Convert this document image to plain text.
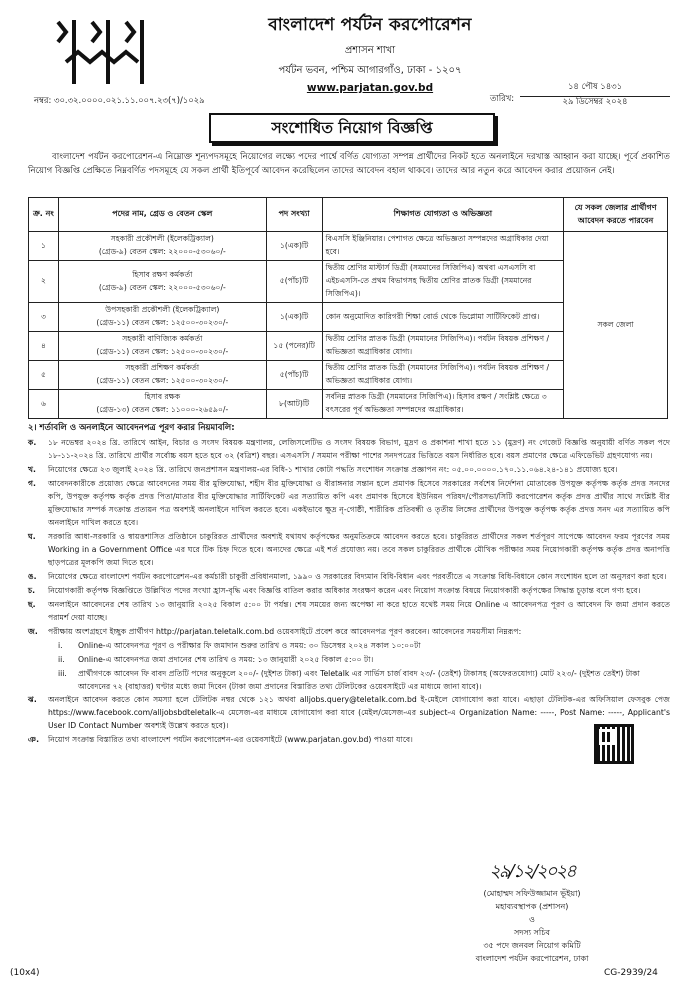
বাংলাদেশ পর্যটন করপোরেশন
প্রশাসন শাখা
পর্যটন ভবন, পশ্চিম আগারগাঁও, ঢাকা - ১২০৭
www.parjatan.gov.bd
নম্বর: ৩০.৩২.০০০০.০২১.১১.০০৭.২৩(৭)/১০২৯	তারিখ:
১৪ পৌষ ১৪৩১
২৯ ডিসেম্বর ২০২৪
সংশোধিত নিয়োগ বিজ্ঞপ্তি

বাংলাদেশ পর্যটন করপোরেশন-এ নিম্নোক্ত শূন্যপদসমূহে নিয়োগের লক্ষ্যে পদের পার্শ্বে বর্ণিত যোগ্যতা সম্পন্ন প্রার্থীদের নিকট হতে অনলাইনে দরখাস্ত আহ্বান করা যাচ্ছে। পূর্বে প্রকাশিত নিয়োগ বিজ্ঞপ্তি প্রেক্ষিতে নিম্নবর্ণিত পদসমূহে যে সকল প্রার্থী ইতিপূর্বে আবেদন করেছিলেন তাদের আবেদন বহাল থাকবে। তাদের আর নতুন করে আবেদন করার প্রয়োজন নেই।

ক্র. নং	পদের নাম, গ্রেড ও বেতন স্কেল	পদ সংখ্যা	শিক্ষাগত যোগ্যতা ও অভিজ্ঞতা	যে সকল জেলার প্রার্থীগণ আবেদন করতে পারবেন
১	সহকারী প্রকৌশলী (ইলেকট্রিক্যাল)
(গ্রেড-৯) বেতন স্কেল: ২২০০০-৫৩০৬০/-	১(এক)টি	বিএসসি ইঞ্জিনিয়ার। পেশাগত ক্ষেত্রে অভিজ্ঞতা সম্পন্নদের অগ্রাধিকার দেয়া হবে।	সকল জেলা
২	হিসাব রক্ষণ কর্মকর্তা
(গ্রেড-৯) বেতন স্কেল: ২২০০০-৫৩০৬০/-	৫(পাঁচ)টি	দ্বিতীয় শ্রেণির মাস্টার্স ডিগ্রী (সমমানের সিজিপিএ) অথবা এসএসসি বা এইচএসসি-তে প্রথম বিভাগসহ দ্বিতীয় শ্রেণির স্নাতক ডিগ্রী (সমমানের সিজিপিএ)।	
৩	উপসহকারী প্রকৌশলী (ইলেকট্রিক্যাল)
(গ্রেড-১১) বেতন স্কেল: ১২৫০০-৩০২৩০/-	১(এক)টি	কোন অনুমোদিত কারিগরী শিক্ষা বোর্ড থেকে ডিপ্লোমা সার্টিফিকেট প্রাপ্ত।	
৪	সহকারী বাণিজ্যিক কর্মকর্তা
(গ্রেড-১১) বেতন স্কেল: ১২৫০০-৩০২৩০/-	১৫ (পনের)টি	দ্বিতীয় শ্রেণির স্নাতক ডিগ্রী (সমমানের সিজিপিএ)। পর্যটন বিষয়ক প্রশিক্ষণ / অভিজ্ঞতা অগ্রাধিকার যোগ্য।	
৫	সহকারী প্রশিক্ষণ কর্মকর্তা
(গ্রেড-১১) বেতন স্কেল: ১২৫০০-৩০২৩০/-	৫(পাঁচ)টি	দ্বিতীয় শ্রেণির স্নাতক ডিগ্রী (সমমানের সিজিপিএ)। পর্যটন বিষয়ক প্রশিক্ষণ / অভিজ্ঞতা অগ্রাধিকার যোগ্য।	
৬	হিসাব রক্ষক
(গ্রেড-১৩) বেতন স্কেল: ১১০০০-২৬৫৯০/-	৮(আট)টি	সর্বনিম্ন স্নাতক ডিগ্রী (সমমানের সিজিপিএ)। হিসাব রক্ষণ / সংশ্লিষ্ট ক্ষেত্রে ৩ বৎসরের পূর্ব অভিজ্ঞতা সম্পন্নদের অগ্রাধিকার।	
২। শর্তাবলি ও অনলাইনে আবেদনপত্র পূরণ করার নিয়মাবলি:
ক.	১৮ নভেম্বর ২০২৪ খ্রি. তারিখে আইন, বিচার ও সংসদ বিষয়ক মন্ত্রণালয়, লেজিসলেটিভ ও সংসদ বিষয়ক বিভাগ, মুদ্রণ ও প্রকাশনা শাখা হতে ১১ (মুদ্রণ) নং গেজেট বিজ্ঞপ্তি অনুযায়ী বর্ণিত সকল পদে ১৮-১১-২০২৪ খ্রি. তারিখে প্রার্থীর সর্বোচ্চ বয়স হতে হবে ৩২ (বত্রিশ) বছর। এসএসসি / সমমান পরীক্ষা পাশের সনদপত্রের ভিত্তিতে বয়স নির্ধারিত হবে। বয়স প্রমাণের ক্ষেত্রে এফিডেভিট গ্রহণযোগ্য নয়।
খ.	নিয়োগের ক্ষেত্রে ২৩ জুলাই ২০২৪ খ্রি. তারিখে জনপ্রশাসন মন্ত্রণালয়-এর বিধি-১ শাখার কোটা পদ্ধতি সংশোধন সংক্রান্ত প্রজ্ঞাপন নং: ০৫.০০.০০০০.১৭০.১১.০৬৪.২৪-১৪১ প্রযোজ্য হবে।
গ.	আবেদনকারীকে প্রয়োজ্য ক্ষেত্রে আবেদনের সময় বীর মুক্তিযোদ্ধা, শহীদ বীর মুক্তিযোদ্ধা ও বীরাঙ্গনার সন্তান হলে প্রমাণক হিসেবে সরকারের সর্বশেষ নির্দেশনা মোতাবেক উপযুক্ত কর্তৃপক্ষ কর্তৃক প্রদত্ত সনদের কপি, উপযুক্ত কর্তৃপক্ষ কর্তৃক প্রদত্ত পিতা/মাতার বীর মুক্তিযোদ্ধার সার্টিফিকেট এর সত্যায়িত কপি এবং প্রমাণক হিসেবে ইউনিয়ন পরিষদ/পৌরসভা/সিটি করপোরেশন কর্তৃক প্রদত্ত প্রার্থীর সাথে সংশ্লিষ্ট বীর মুক্তিযোদ্ধার সম্পর্ক সংক্রান্ত প্রত্যয়ন পত্র অবশ্যই অনলাইনে দাখিল করতে হবে। একইভাবে ক্ষুদ্র নৃ-গোষ্ঠী, শারীরিক প্রতিবন্ধী ও তৃতীয় লিঙ্গের প্রার্থীদের উপযুক্ত কর্তৃপক্ষ কর্তৃক প্রদত্ত সনদ এর সত্যায়িত কপি অনলাইনে দাখিল করতে হবে।
ঘ.	সরকারি আধা-সরকারি ও স্বায়ত্তশাসিত প্রতিষ্ঠানে চাকুরিরত প্রার্থীদের অবশ্যই যথাযথ কর্তৃপক্ষের অনুমতিক্রমে আবেদন করতে হবে। চাকুরিরত প্রার্থীদের সকল শর্তপূরণ সাপেক্ষে আবেদন ফরম পূরণের সময় Working in a Government Office এর ঘরে টিক চিহ্ন দিতে হবে। অন্যদের ক্ষেত্রে এই শর্ত প্রযোজ্য নয়। তবে সকল চাকুরিরত প্রার্থীকে মৌখিক পরীক্ষার সময় নিয়োগকারী কর্তৃপক্ষ কর্তৃক প্রদত্ত অনাপত্তি ছাড়পত্রের মূলকপি জমা দিতে হবে।
ঙ.	নিয়োগের ক্ষেত্রে বাংলাদেশ পর্যটন করপোরেশন-এর কর্মচারী চাকুরী প্রবিধানমালা, ১৯৯০ ও সরকারের বিদ্যমান বিধি-বিধান এবং পরবর্তীতে এ সংক্রান্ত বিধি-বিধানে কোন সংশোধন হলে তা অনুসরণ করা হবে।
চ.	নিয়োগকারী কর্তৃপক্ষ বিজ্ঞপ্তিতে উল্লিখিত পদের সংখ্যা হ্রাস-বৃদ্ধি এবং বিজ্ঞপ্তি বাতিল করার অধিকার সংরক্ষণ করেন এবং নিয়োগ সংক্রান্ত বিষয়ে নিয়োগকারী কর্তৃপক্ষের সিদ্ধান্ত চূড়ান্ত বলে গণ্য হবে।
ছ.	অনলাইনে আবেদনের শেষ তারিখ ১৩ জানুয়ারি ২০২৫ বিকাল ৫:০০ টা পর্যন্ত। শেষ সময়ের জন্য অপেক্ষা না করে হাতে যথেষ্ট সময় নিয়ে Online এ আবেদনপত্র পূরণ ও আবেদন ফি জমা প্রদান করতে পরামর্শ দেয়া যাচ্ছে।
জ.	পরীক্ষায় অংশগ্রহণে ইচ্ছুক প্রার্থীগণ http://parjatan.teletalk.com.bd ওয়েবসাইটে প্রবেশ করে আবেদনপত্র পূরণ করবেন। আবেদনের সময়সীমা নিম্নরূপ:
i.	Online-এ আবেদনপত্র পূরণ ও পরীক্ষার ফি জমাদান শুরুর তারিখ ও সময়: ৩০ ডিসেম্বর ২০২৪ সকাল ১০:০০টা
ii.	Online-এ আবেদনপত্র জমা প্রদানের শেষ তারিখ ও সময়: ১৩ জানুয়ারী ২০২৫ বিকাল ৫:০০ টা।
iii.	প্রার্থীগণকে আবেদন ফি বাবদ প্রতিটি পদের অনুকূলে ২০০/- (দুইশত টাকা) এবং Teletalk এর সার্ভিস চার্জ বাবদ ২৩/- (তেইশ) টাকাসহ (অফেরতযোগ্য) মোট ২২৩/- (দুইশত তেইশ) টাকা আবেদনের ৭২ (বাহাত্তর) ঘণ্টার মধ্যে জমা দিবেন (টাকা জমা প্রদানের বিস্তারিত তথ্য টেলিটকের ওয়েবসাইটে এর মাধ্যমে জানা যাবে)।
ঝ.	অনলাইনে আবেদন করতে কোন সমস্যা হলে টেলিটক নম্বর থেকে ১২১ অথবা alljobs.query@teletalk.com.bd ই-মেইলে যোগাযোগ করা যাবে। এছাড়া টেলিটক-এর অফিসিয়াল ফেসবুক পেজ https://www.facebook.com/alljobsbdteletalk-এ মেসেজ-এর মাধ্যমে যোগাযোগ করা যাবে (মেইল/মেসেজ-এর subject-এ Organization Name: -----, Post Name: -----, Applicant's User ID Contact Number অবশ্যই উল্লেখ করতে হবে)।
ঞ.	নিয়োগ সংক্রান্ত বিস্তারিত তথ্য বাংলাদেশ পর্যটন করপোরেশন-এর ওয়েবসাইটে (www.parjatan.gov.bd) পাওয়া যাবে।
২৯/১২/২০২৪
(মোহাম্মদ সফিউজ্জামান ভূঁইয়া)
মহাব্যবস্থাপক (প্রশাসন)
ও
সদস্য সচিব
৩৫ পদে জনবল নিয়োগ কমিটি
বাংলাদেশ পর্যটন করপোরেশন, ঢাকা
(10x4)	CG-2939/24
